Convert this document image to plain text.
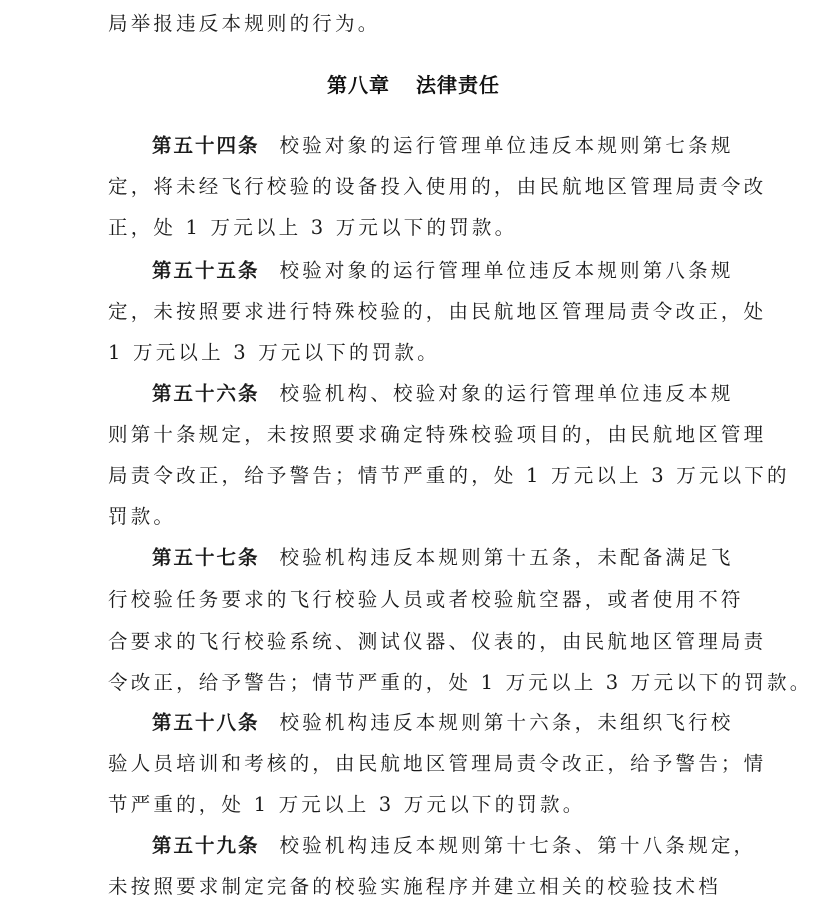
局举报违反本规则的行为。
第八章 法律责任
第五十四条 校验对象的运行管理单位违反本规则第七条规
定，将未经飞行校验的设备投入使用的，由民航地区管理局责令改
正，处 1 万元以上 3 万元以下的罚款。
第五十五条 校验对象的运行管理单位违反本规则第八条规
定，未按照要求进行特殊校验的，由民航地区管理局责令改正，处
1 万元以上 3 万元以下的罚款。
第五十六条 校验机构、校验对象的运行管理单位违反本规
则第十条规定，未按照要求确定特殊校验项目的，由民航地区管理
局责令改正，给予警告；情节严重的，处 1 万元以上 3 万元以下的
罚款。
第五十七条 校验机构违反本规则第十五条，未配备满足飞
行校验任务要求的飞行校验人员或者校验航空器，或者使用不符
合要求的飞行校验系统、测试仪器、仪表的，由民航地区管理局责
令改正，给予警告；情节严重的，处 1 万元以上 3 万元以下的罚款。
第五十八条 校验机构违反本规则第十六条，未组织飞行校
验人员培训和考核的，由民航地区管理局责令改正，给予警告；情
节严重的，处 1 万元以上 3 万元以下的罚款。
第五十九条 校验机构违反本规则第十七条、第十八条规定，
未按照要求制定完备的校验实施程序并建立相关的校验技术档
